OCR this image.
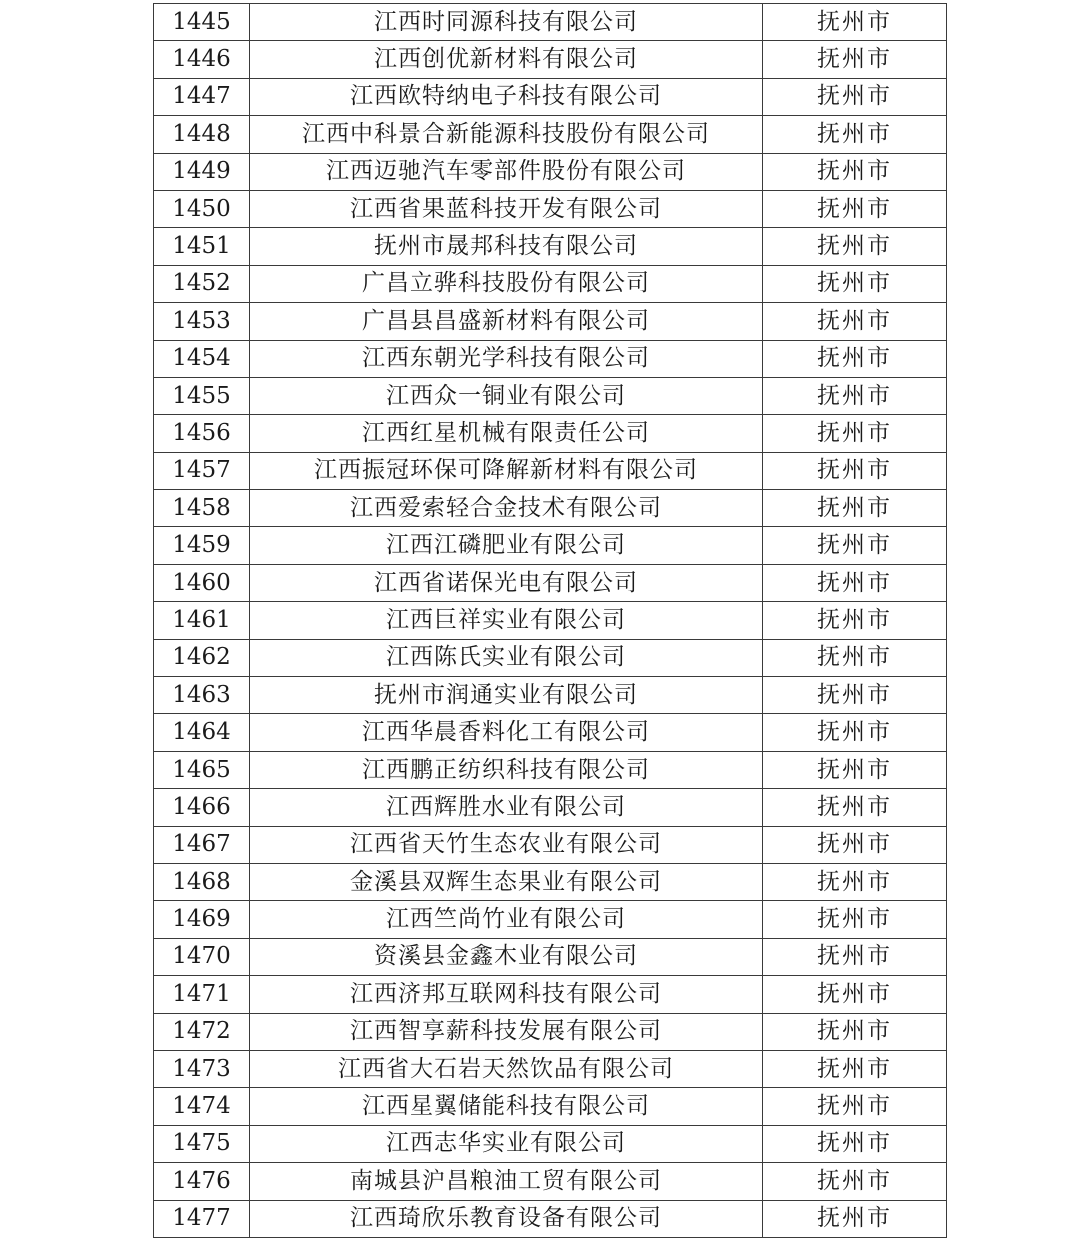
1445	江西时同源科技有限公司	抚州市
1446	江西创优新材料有限公司	抚州市
1447	江西欧特纳电子科技有限公司	抚州市
1448	江西中科景合新能源科技股份有限公司	抚州市
1449	江西迈驰汽车零部件股份有限公司	抚州市
1450	江西省果蓝科技开发有限公司	抚州市
1451	抚州市晟邦科技有限公司	抚州市
1452	广昌立骅科技股份有限公司	抚州市
1453	广昌县昌盛新材料有限公司	抚州市
1454	江西东朝光学科技有限公司	抚州市
1455	江西众一铜业有限公司	抚州市
1456	江西红星机械有限责任公司	抚州市
1457	江西振冠环保可降解新材料有限公司	抚州市
1458	江西爱索轻合金技术有限公司	抚州市
1459	江西江磷肥业有限公司	抚州市
1460	江西省诺保光电有限公司	抚州市
1461	江西巨祥实业有限公司	抚州市
1462	江西陈氏实业有限公司	抚州市
1463	抚州市润通实业有限公司	抚州市
1464	江西华晨香料化工有限公司	抚州市
1465	江西鹏正纺织科技有限公司	抚州市
1466	江西辉胜水业有限公司	抚州市
1467	江西省天竹生态农业有限公司	抚州市
1468	金溪县双辉生态果业有限公司	抚州市
1469	江西竺尚竹业有限公司	抚州市
1470	资溪县金鑫木业有限公司	抚州市
1471	江西济邦互联网科技有限公司	抚州市
1472	江西智享薪科技发展有限公司	抚州市
1473	江西省大石岩天然饮品有限公司	抚州市
1474	江西星翼储能科技有限公司	抚州市
1475	江西志华实业有限公司	抚州市
1476	南城县沪昌粮油工贸有限公司	抚州市
1477	江西琦欣乐教育设备有限公司	抚州市
